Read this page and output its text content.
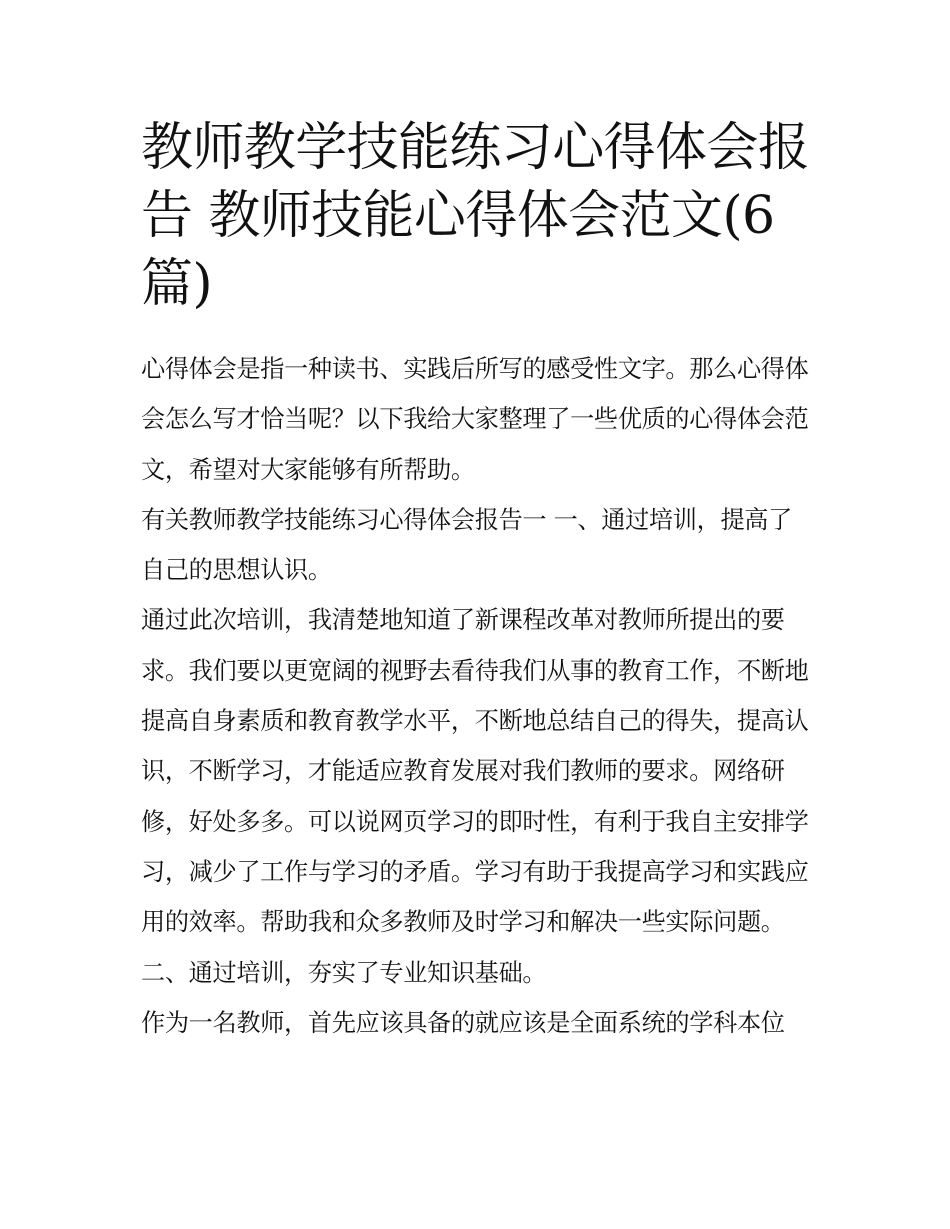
教师教学技能练习心得体会报告 教师技能心得体会范文(6篇)

心得体会是指一种读书、实践后所写的感受性文字。那么心得体会怎么写才恰当呢？以下我给大家整理了一些优质的心得体会范文，希望对大家能够有所帮助。

有关教师教学技能练习心得体会报告一 一、通过培训，提高了自己的思想认识。

通过此次培训，我清楚地知道了新课程改革对教师所提出的要求。我们要以更宽阔的视野去看待我们从事的教育工作，不断地提高自身素质和教育教学水平，不断地总结自己的得失，提高认识，不断学习，才能适应教育发展对我们教师的要求。网络研修，好处多多。可以说网页学习的即时性，有利于我自主安排学习，减少了工作与学习的矛盾。学习有助于我提高学习和实践应用的效率。帮助我和众多教师及时学习和解决一些实际问题。

二、通过培训，夯实了专业知识基础。

作为一名教师，首先应该具备的就应该是全面系统的学科本位
